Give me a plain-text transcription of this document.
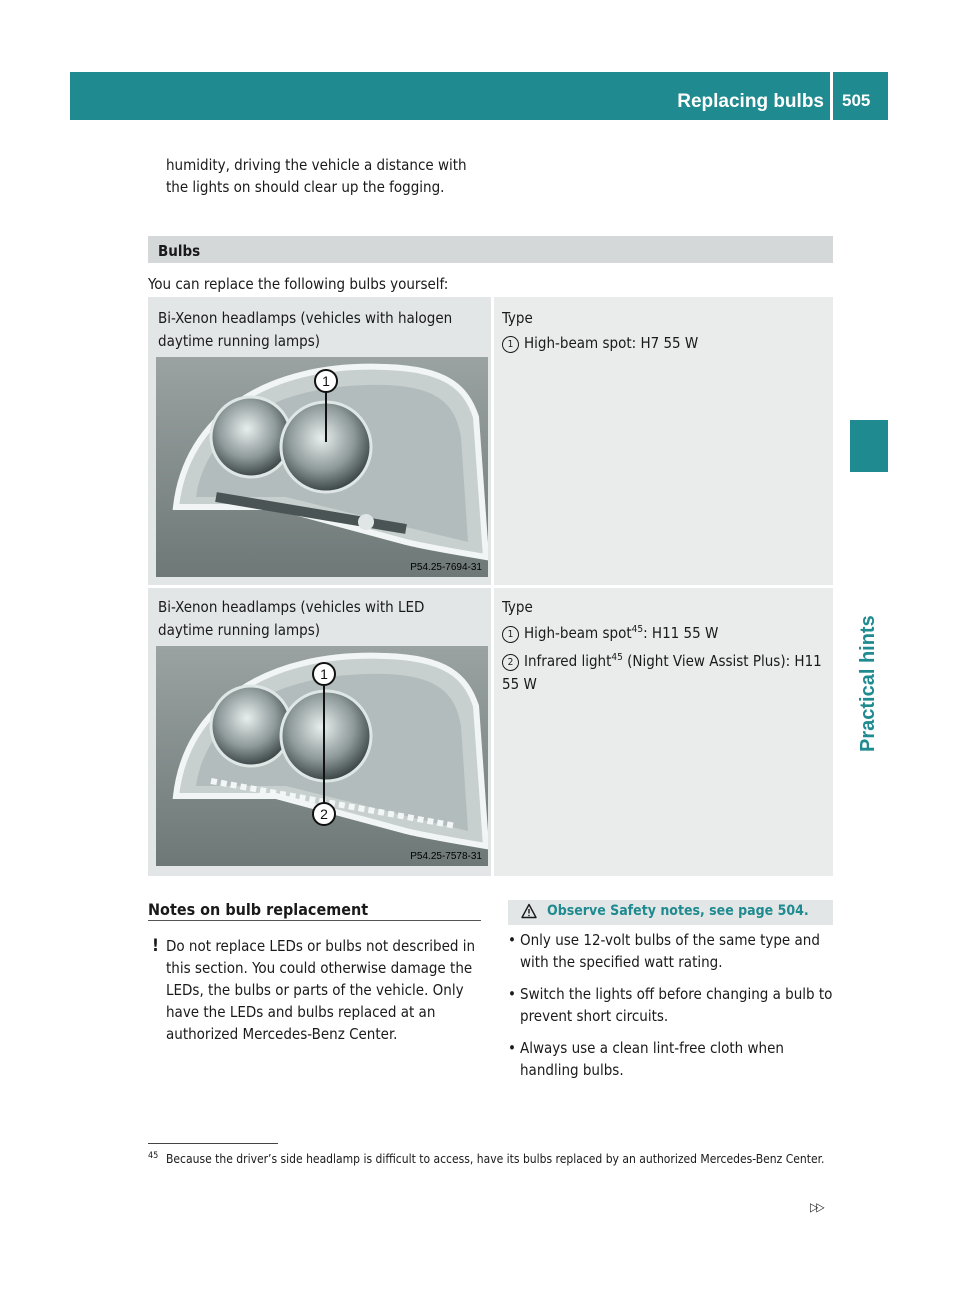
Replacing bulbs 505
Practical hints
humidity, driving the vehicle a distance with the lights on should clear up the fogging.
Bulbs
You can replace the following bulbs yourself:
Bi-Xenon headlamps (vehicles with halogen daytime running lamps)
1
P54.25-7694-31
Type
1 High-beam spot: H7 55 W
Bi-Xenon headlamps (vehicles with LED daytime running lamps)
1
2
P54.25-7578-31
Type
1 High-beam spot$^{45}$: H11 55 W
2 Infrared light$^{45}$ (Night View Assist Plus): H11 55 W
Notes on bulb replacement
! Do not replace LEDs or bulbs not described in this section. You could otherwise damage the LEDs, the bulbs or parts of the vehicle. Only have the LEDs and bulbs replaced at an authorized Mercedes-Benz Center.
Observe Safety notes, see page 504.
• Only use 12-volt bulbs of the same type and with the specified watt rating.
• Switch the lights off before changing a bulb to prevent short circuits.
• Always use a clean lint-free cloth when handling bulbs.
45 Because the driver’s side headlamp is difficult to access, have its bulbs replaced by an authorized Mercedes-Benz Center.
▷▷
